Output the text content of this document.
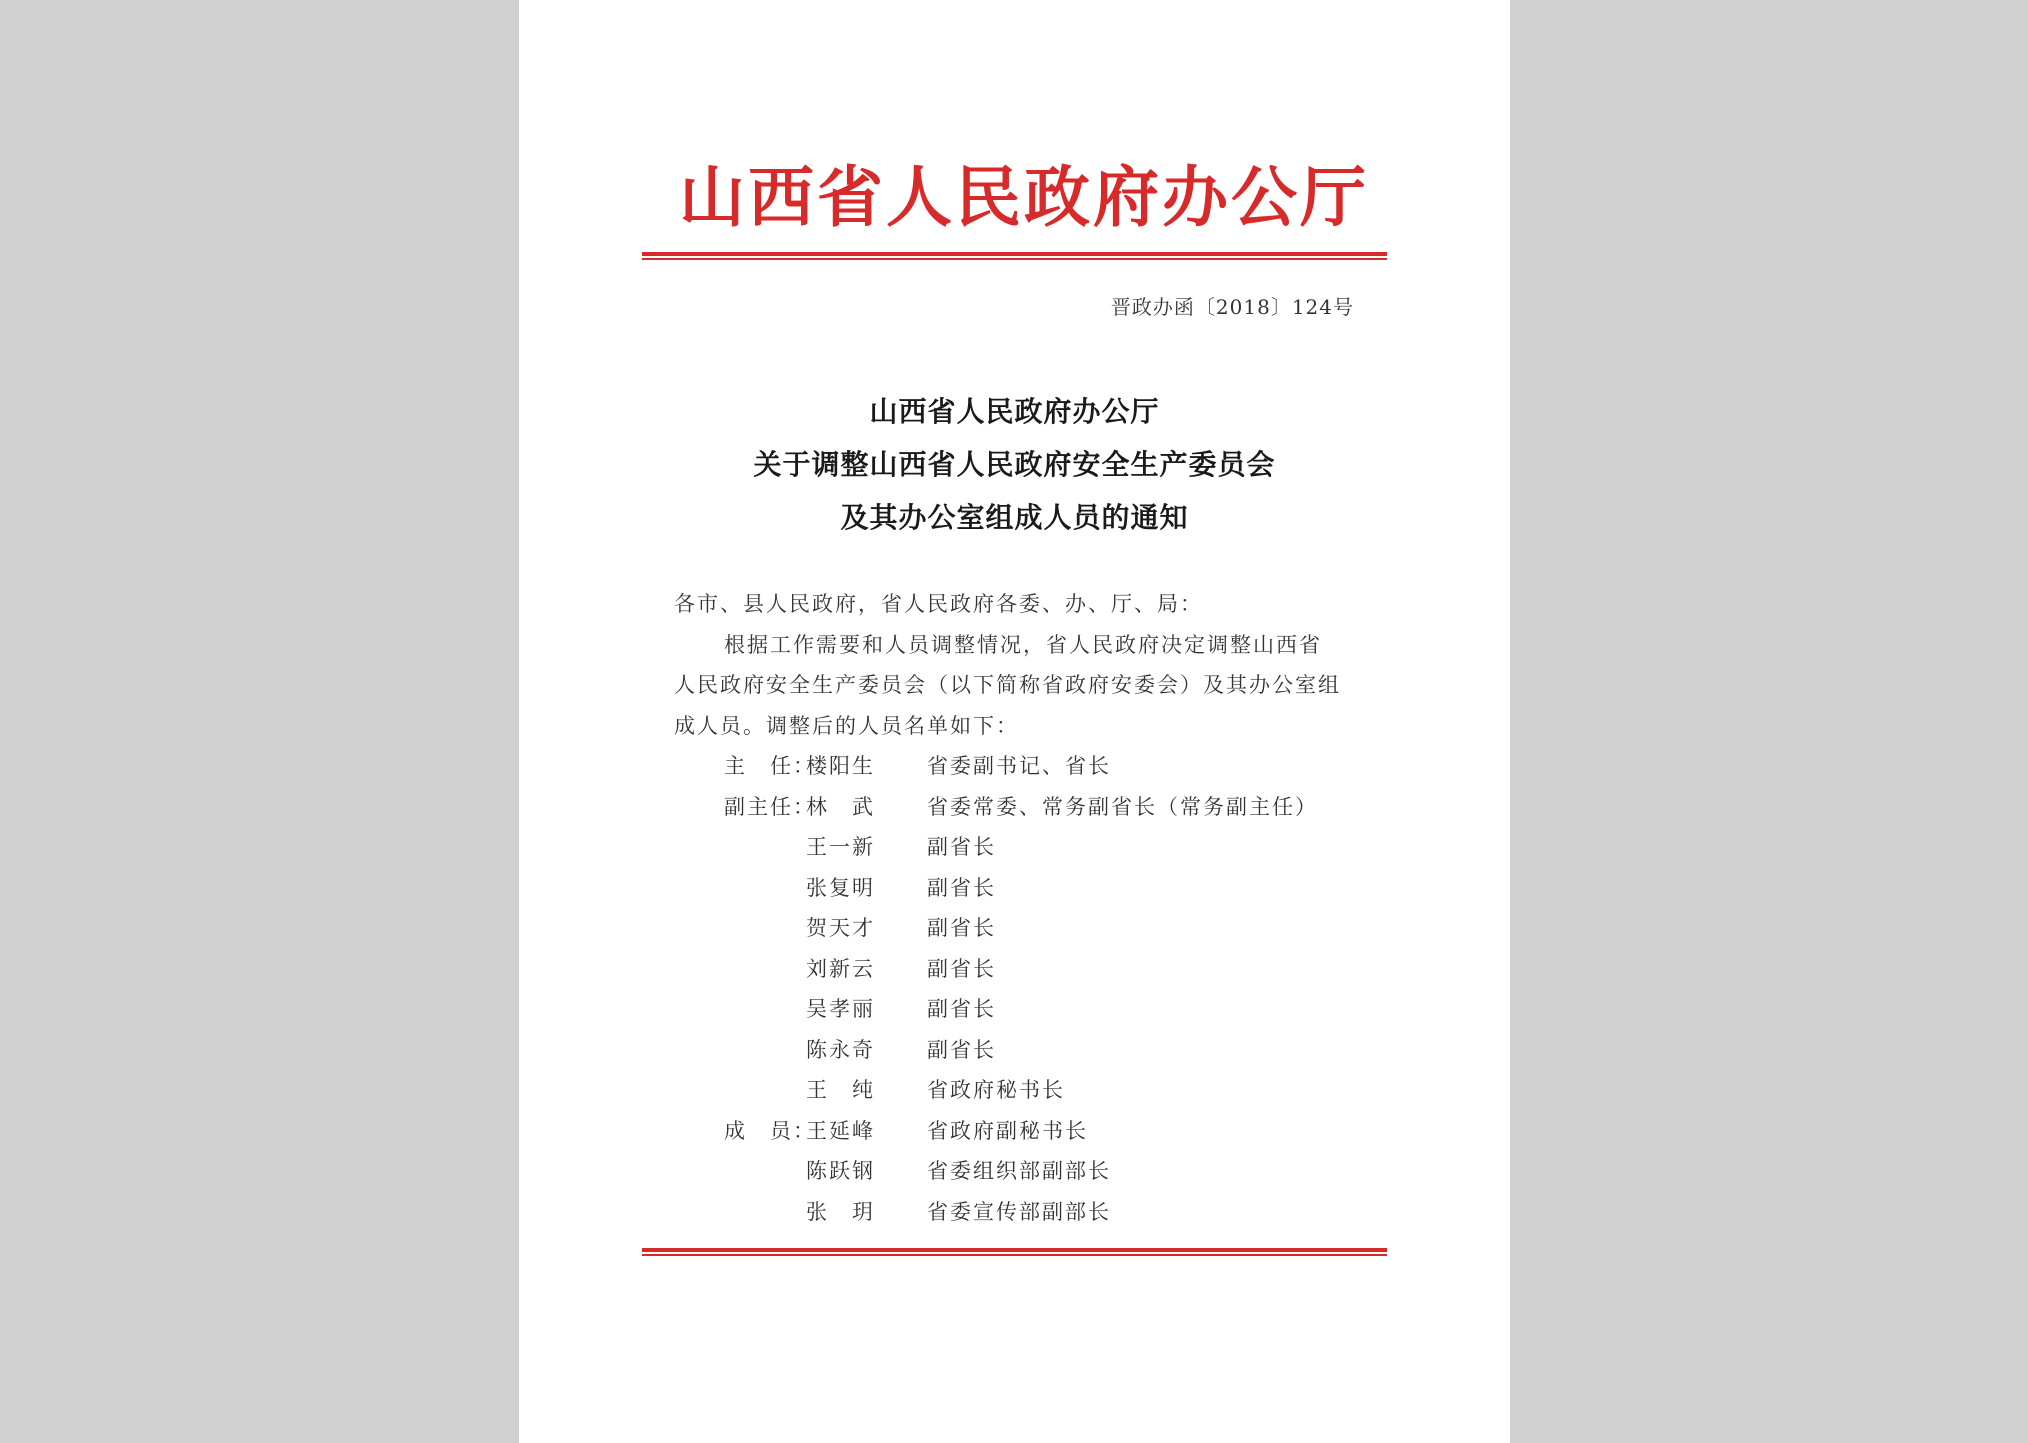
山西省人民政府办公厅
晋政办函〔2018〕124号
山西省人民政府办公厅
关于调整山西省人民政府安全生产委员会
及其办公室组成人员的通知
各市、县人民政府，省人民政府各委、办、厅、局：
根据工作需要和人员调整情况，省人民政府决定调整山西省
人民政府安全生产委员会（以下简称省政府安委会）及其办公室组
成人员。调整后的人员名单如下：
主　任：
楼阳生	省委副书记、省长
副主任：
林　武	省委常委、常务副省长（常务副主任）
王一新	副省长
张复明	副省长
贺天才	副省长
刘新云	副省长
吴孝丽	副省长
陈永奇	副省长
王　纯	省政府秘书长
成　员：
王延峰	省政府副秘书长
陈跃钢	省委组织部副部长
张　玥	省委宣传部副部长
